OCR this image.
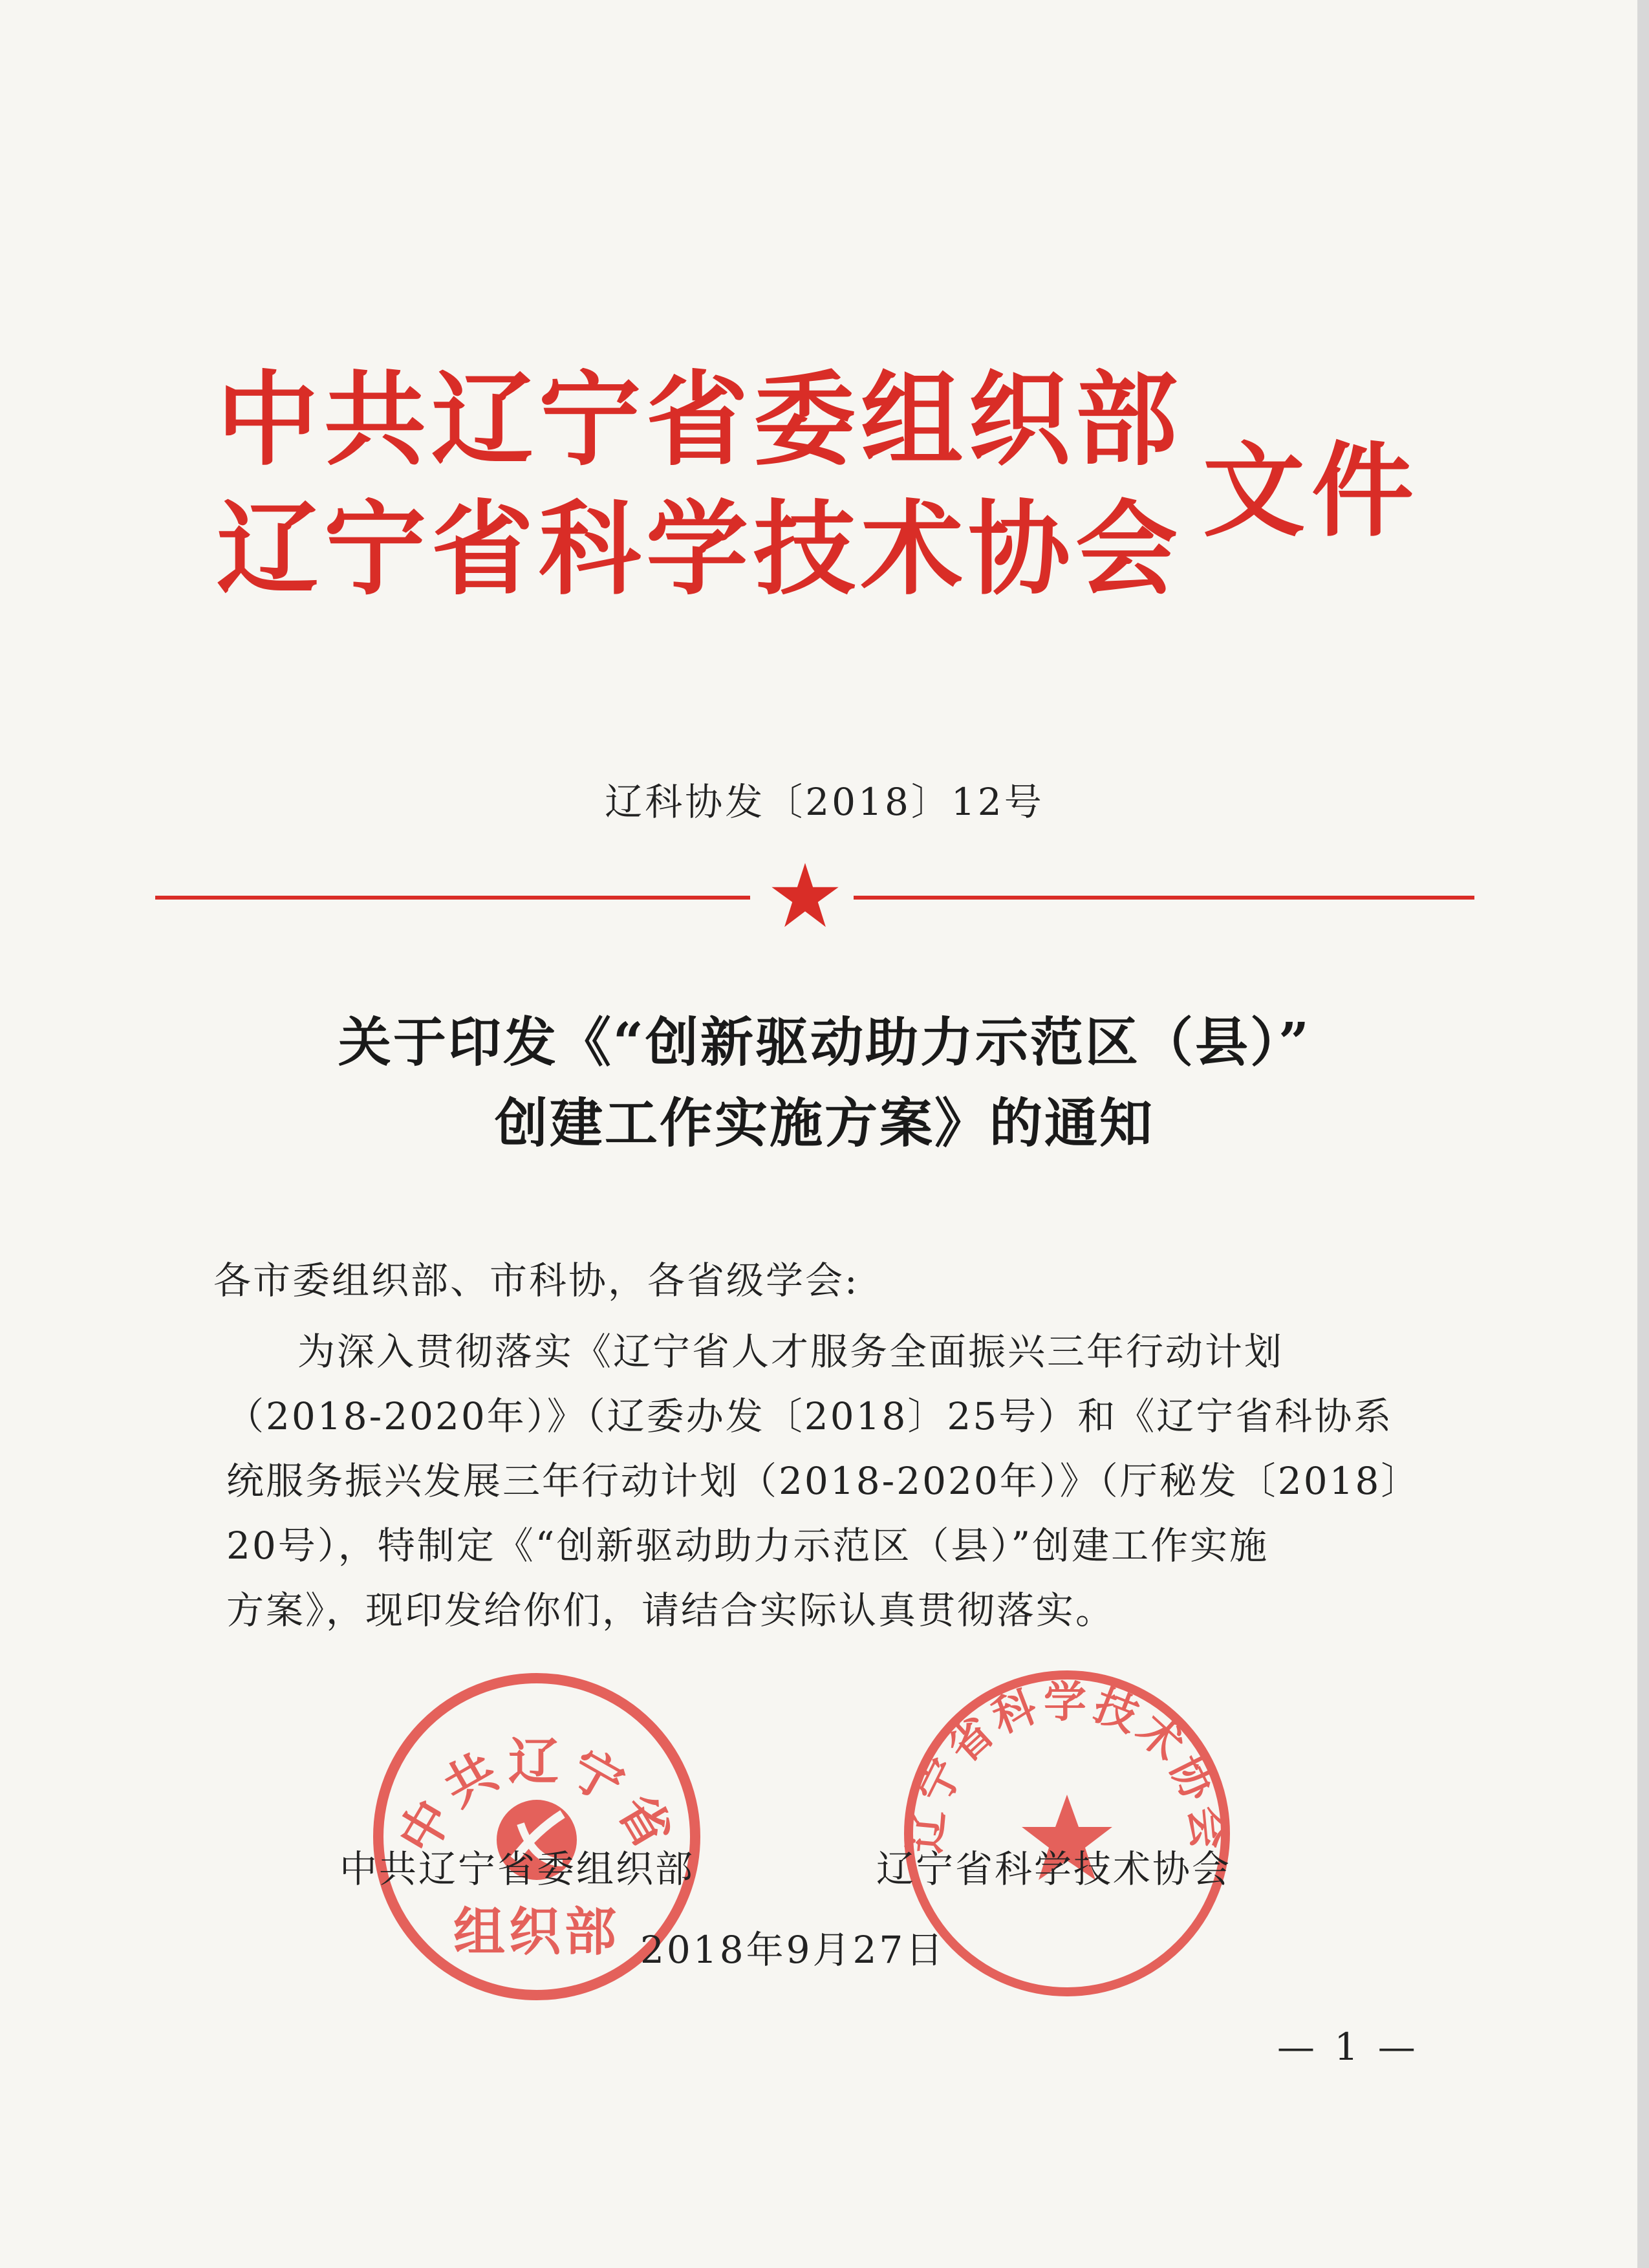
中共辽宁省委组织部
辽宁省科学技术协会 文件
辽科协发〔2018〕12号
关于印发《“创新驱动助力示范区（县）”
创建工作实施方案》的通知
各市委组织部、市科协，各省级学会:
为深入贯彻落实《辽宁省人才服务全面振兴三年行动计划
（2018-2020年）》（辽委办发〔2018〕25号）和《辽宁省科协系
统服务振兴发展三年行动计划（2018-2020年）》（厅秘发〔2018〕
20号），特制定《“创新驱动助力示范区（县）”创建工作实施
方案》，现印发给你们，请结合实际认真贯彻落实。
中共辽宁省
组织部
辽宁省科学技术协会
中共辽宁省委组织部	辽宁省科学技术协会
2018年9月27日
— 1 —
